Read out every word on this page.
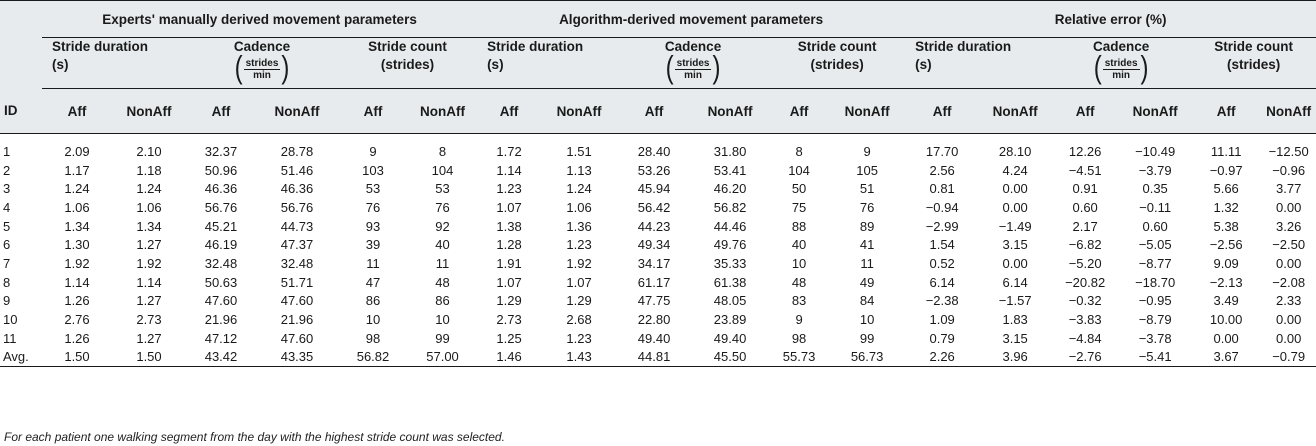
	Experts' manually derived movement parameters						Algorithm-derived movement parameters						Relative error (%)					

	Stride duration
(s)		Cadence
( strides
min )		Stride count
(strides)		Stride duration
(s)		Cadence
( strides
min )		Stride count
(strides)		Stride duration
(s)		Cadence
( strides
min )		Stride count
(strides)	

ID	Aff	NonAff	Aff	NonAff	Aff	NonAff	Aff	NonAff	Aff	NonAff	Aff	NonAff	Aff	NonAff	Aff	NonAff	Aff	NonAff

1	2.09	2.10	32.37	28.78	9	8	1.72	1.51	28.40	31.80	8	9	17.70	28.10	12.26	−10.49	11.11	−12.50
2	1.17	1.18	50.96	51.46	103	104	1.14	1.13	53.26	53.41	104	105	2.56	4.24	−4.51	−3.79	−0.97	−0.96
3	1.24	1.24	46.36	46.36	53	53	1.23	1.24	45.94	46.20	50	51	0.81	0.00	0.91	0.35	5.66	3.77
4	1.06	1.06	56.76	56.76	76	76	1.07	1.06	56.42	56.82	75	76	−0.94	0.00	0.60	−0.11	1.32	0.00
5	1.34	1.34	45.21	44.73	93	92	1.38	1.36	44.23	44.46	88	89	−2.99	−1.49	2.17	0.60	5.38	3.26
6	1.30	1.27	46.19	47.37	39	40	1.28	1.23	49.34	49.76	40	41	1.54	3.15	−6.82	−5.05	−2.56	−2.50
7	1.92	1.92	32.48	32.48	11	11	1.91	1.92	34.17	35.33	10	11	0.52	0.00	−5.20	−8.77	9.09	0.00
8	1.14	1.14	50.63	51.71	47	48	1.07	1.07	61.17	61.38	48	49	6.14	6.14	−20.82	−18.70	−2.13	−2.08
9	1.26	1.27	47.60	47.60	86	86	1.29	1.29	47.75	48.05	83	84	−2.38	−1.57	−0.32	−0.95	3.49	2.33
10	2.76	2.73	21.96	21.96	10	10	2.73	2.68	22.80	23.89	9	10	1.09	1.83	−3.83	−8.79	10.00	0.00
11	1.26	1.27	47.12	47.60	98	99	1.25	1.23	49.40	49.40	98	99	0.79	3.15	−4.84	−3.78	0.00	0.00
Avg.	1.50	1.50	43.42	43.35	56.82	57.00	1.46	1.43	44.81	45.50	55.73	56.73	2.26	3.96	−2.76	−5.41	3.67	−0.79
For each patient one walking segment from the day with the highest stride count was selected.
